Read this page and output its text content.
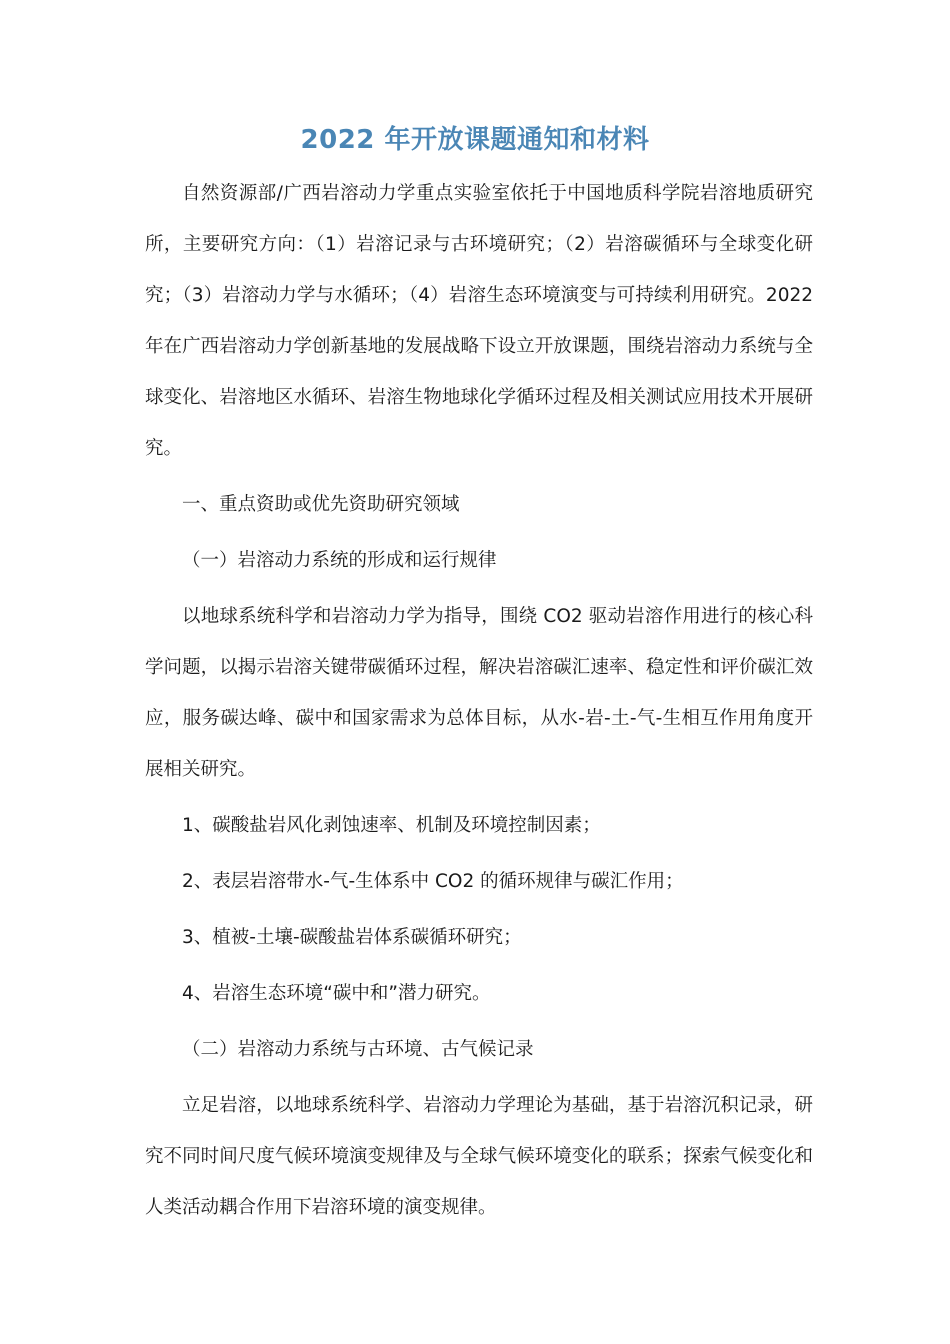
2022 年开放课题通知和材料

自然资源部/广西岩溶动力学重点实验室依托于中国地质科学院岩溶地质研究所，主要研究方向：（1）岩溶记录与古环境研究；（2）岩溶碳循环与全球变化研究；（3）岩溶动力学与水循环；（4）岩溶生态环境演变与可持续利用研究。2022 年在广西岩溶动力学创新基地的发展战略下设立开放课题，围绕岩溶动力系统与全球变化、岩溶地区水循环、岩溶生物地球化学循环过程及相关测试应用技术开展研究。

一、重点资助或优先资助研究领域

（一）岩溶动力系统的形成和运行规律

以地球系统科学和岩溶动力学为指导，围绕 CO2 驱动岩溶作用进行的核心科学问题，以揭示岩溶关键带碳循环过程，解决岩溶碳汇速率、稳定性和评价碳汇效应，服务碳达峰、碳中和国家需求为总体目标，从水-岩-土-气-生相互作用角度开展相关研究。

1、碳酸盐岩风化剥蚀速率、机制及环境控制因素；

2、表层岩溶带水-气-生体系中 CO2 的循环规律与碳汇作用；

3、植被-土壤-碳酸盐岩体系碳循环研究；

4、岩溶生态环境“碳中和”潜力研究。

（二）岩溶动力系统与古环境、古气候记录

立足岩溶，以地球系统科学、岩溶动力学理论为基础，基于岩溶沉积记录，研究不同时间尺度气候环境演变规律及与全球气候环境变化的联系；探索气候变化和人类活动耦合作用下岩溶环境的演变规律。
